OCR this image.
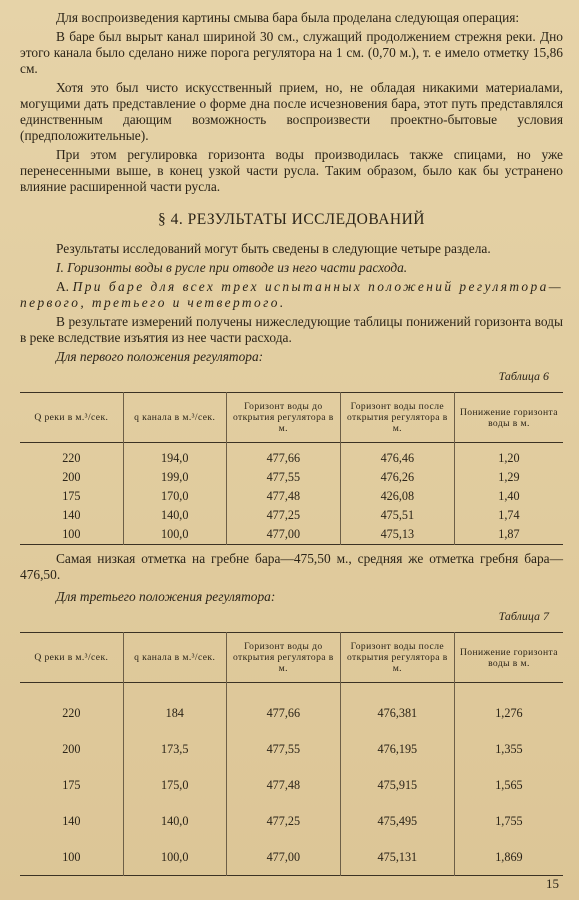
Для воспроизведения картины смыва бара была проделана следующая операция:

В баре был вырыт канал шириной 30 см., служащий продолжением стрежня реки. Дно этого канала было сделано ниже порога регулятора на 1 см. (0,70 м.), т. е имело отметку 15,86 см.

Хотя это был чисто искусственный прием, но, не обладая никакими материалами, могущими дать представление о форме дна после исчезновения бара, этот путь представлялся единственным дающим возможность воспроизвести проектно-бытовые условия (предположительные).

При этом регулировка горизонта воды производилась также спицами, но уже перенесенными выше, в конец узкой части русла. Таким образом, было как бы устранено влияние расширенной части русла.

§ 4. РЕЗУЛЬТАТЫ ИССЛЕДОВАНИЙ

Результаты исследований могут быть сведены в следующие четыре раздела.

I. Горизонты воды в русле при отводе из него части расхода.

А. При баре для всех трех испытанных положений регулятора—первого, третьего и четвертого.

В результате измерений получены нижеследующие таблицы понижений горизонта воды в реке вследствие изъятия из нее части расхода.

Для первого положения регулятора:

Таблица 6
Q реки в м.³/сек.	q канала в м.³/сек.	Горизонт воды до открытия регулятора в м.	Горизонт воды после открытия регулятора в м.	Понижение горизонта воды в м.
220	194,0	477,66	476,46	1,20
200	199,0	477,55	476,26	1,29
175	170,0	477,48	426,08	1,40
140	140,0	477,25	475,51	1,74
100	100,0	477,00	475,13	1,87

Самая низкая отметка на гребне бара—475,50 м., средняя же отметка гребня бара—476,50.

Для третьего положения регулятора:

Таблица 7
Q реки в м.³/сек.	q канала в м.³/сек.	Горизонт воды до открытия регулятора в м.	Горизонт воды после открытия регулятора в м.	Понижение горизонта воды в м.
220	184	477,66	476,381	1,276
200	173,5	477,55	476,195	1,355
175	175,0	477,48	475,915	1,565
140	140,0	477,25	475,495	1,755
100	100,0	477,00	475,131	1,869
15
